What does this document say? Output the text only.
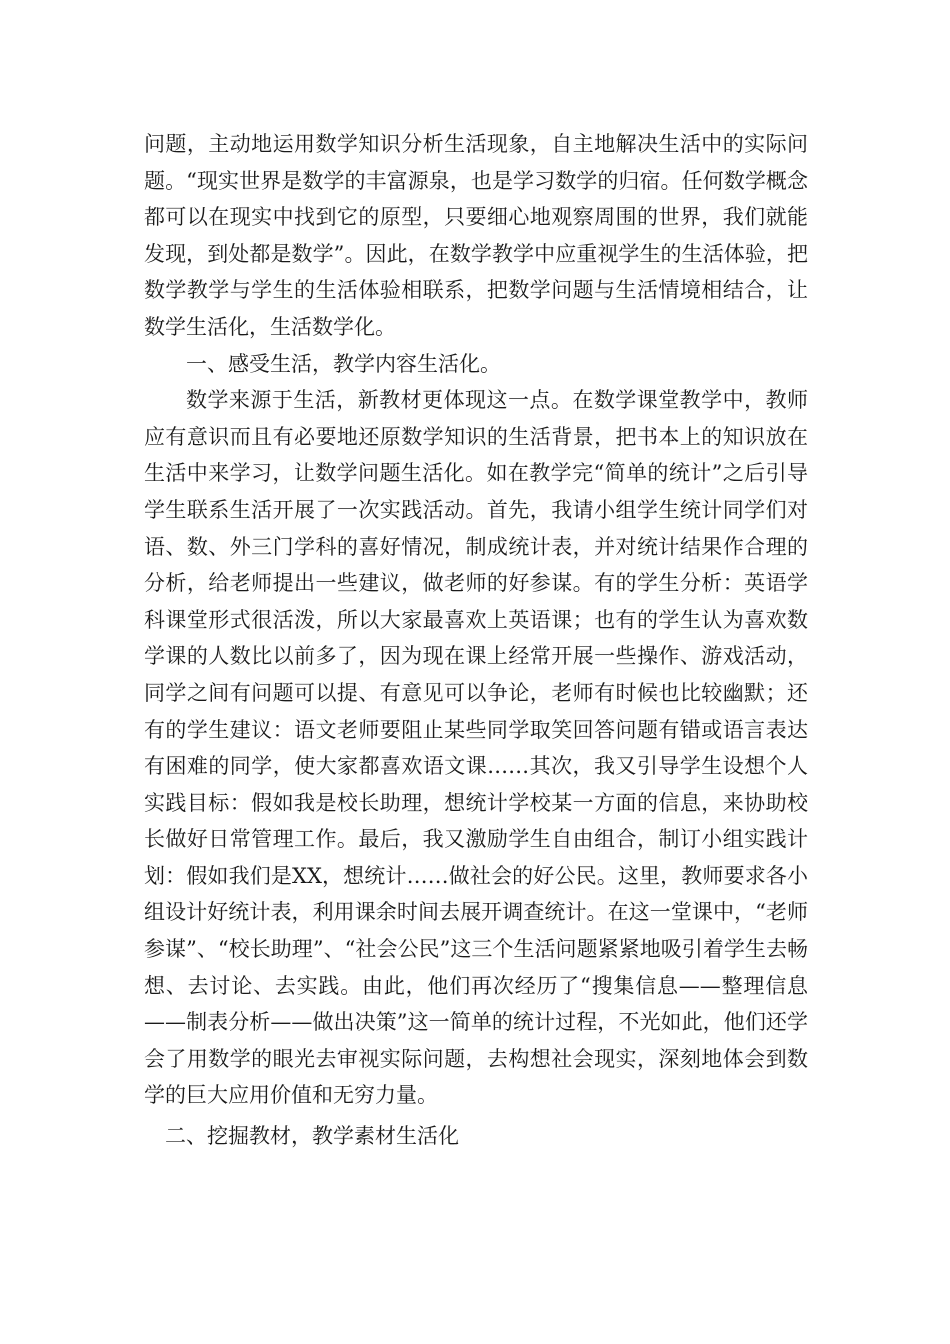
问题，主动地运用数学知识分析生活现象，自主地解决生活中的实际问题。“现实世界是数学的丰富源泉，也是学习数学的归宿。任何数学概念都可以在现实中找到它的原型，只要细心地观察周围的世界，我们就能发现，到处都是数学”。因此，在数学教学中应重视学生的生活体验，把数学教学与学生的生活体验相联系，把数学问题与生活情境相结合，让数学生活化，生活数学化。

一、感受生活，教学内容生活化。

数学来源于生活，新教材更体现这一点。在数学课堂教学中，教师应有意识而且有必要地还原数学知识的生活背景，把书本上的知识放在生活中来学习，让数学问题生活化。如在教学完“简单的统计”之后引导学生联系生活开展了一次实践活动。首先，我请小组学生统计同学们对语、数、外三门学科的喜好情况，制成统计表，并对统计结果作合理的分析，给老师提出一些建议，做老师的好参谋。有的学生分析：英语学科课堂形式很活泼，所以大家最喜欢上英语课；也有的学生认为喜欢数学课的人数比以前多了，因为现在课上经常开展一些操作、游戏活动，同学之间有问题可以提、有意见可以争论，老师有时候也比较幽默；还有的学生建议：语文老师要阻止某些同学取笑回答问题有错或语言表达有困难的同学，使大家都喜欢语文课……其次，我又引导学生设想个人实践目标：假如我是校长助理，想统计学校某一方面的信息，来协助校长做好日常管理工作。最后，我又激励学生自由组合，制订小组实践计划：假如我们是XX，想统计……做社会的好公民。这里，教师要求各小组设计好统计表，利用课余时间去展开调查统计。在这一堂课中，“老师参谋”、“校长助理”、“社会公民”这三个生活问题紧紧地吸引着学生去畅想、去讨论、去实践。由此，他们再次经历了“搜集信息——整理信息——制表分析——做出决策”这一简单的统计过程，不光如此，他们还学会了用数学的眼光去审视实际问题，去构想社会现实，深刻地体会到数学的巨大应用价值和无穷力量。

二、挖掘教材，教学素材生活化
